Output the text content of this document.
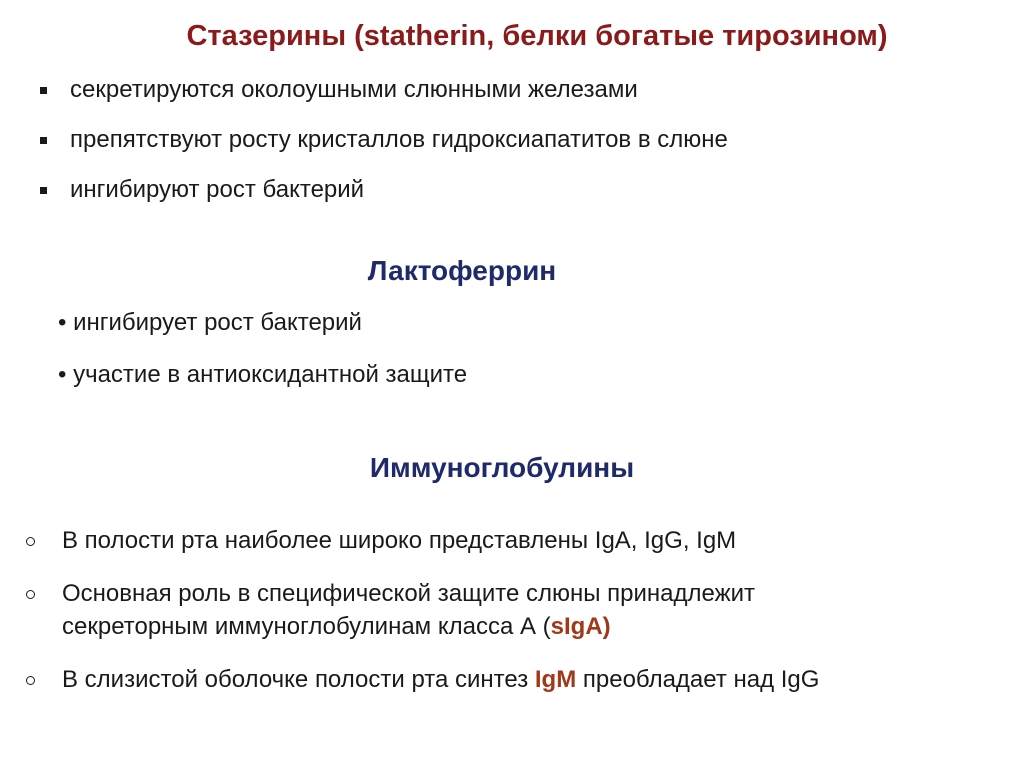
Стазерины (statherin, белки богатые тирозином)
секретируются околоушными слюнными железами
препятствуют росту кристаллов гидроксиапатитов в слюне
ингибируют рост бактерий
Лактоферрин
• ингибирует рост бактерий
• участие в антиоксидантной защите
Иммуноглобулины
В полости рта наиболее широко представлены IgA, IgG, IgM
Основная роль в специфической защите слюны принадлежит
секреторным иммуноглобулинам класса А (sIgA)
В слизистой оболочке полости рта синтез IgM преобладает над IgG
